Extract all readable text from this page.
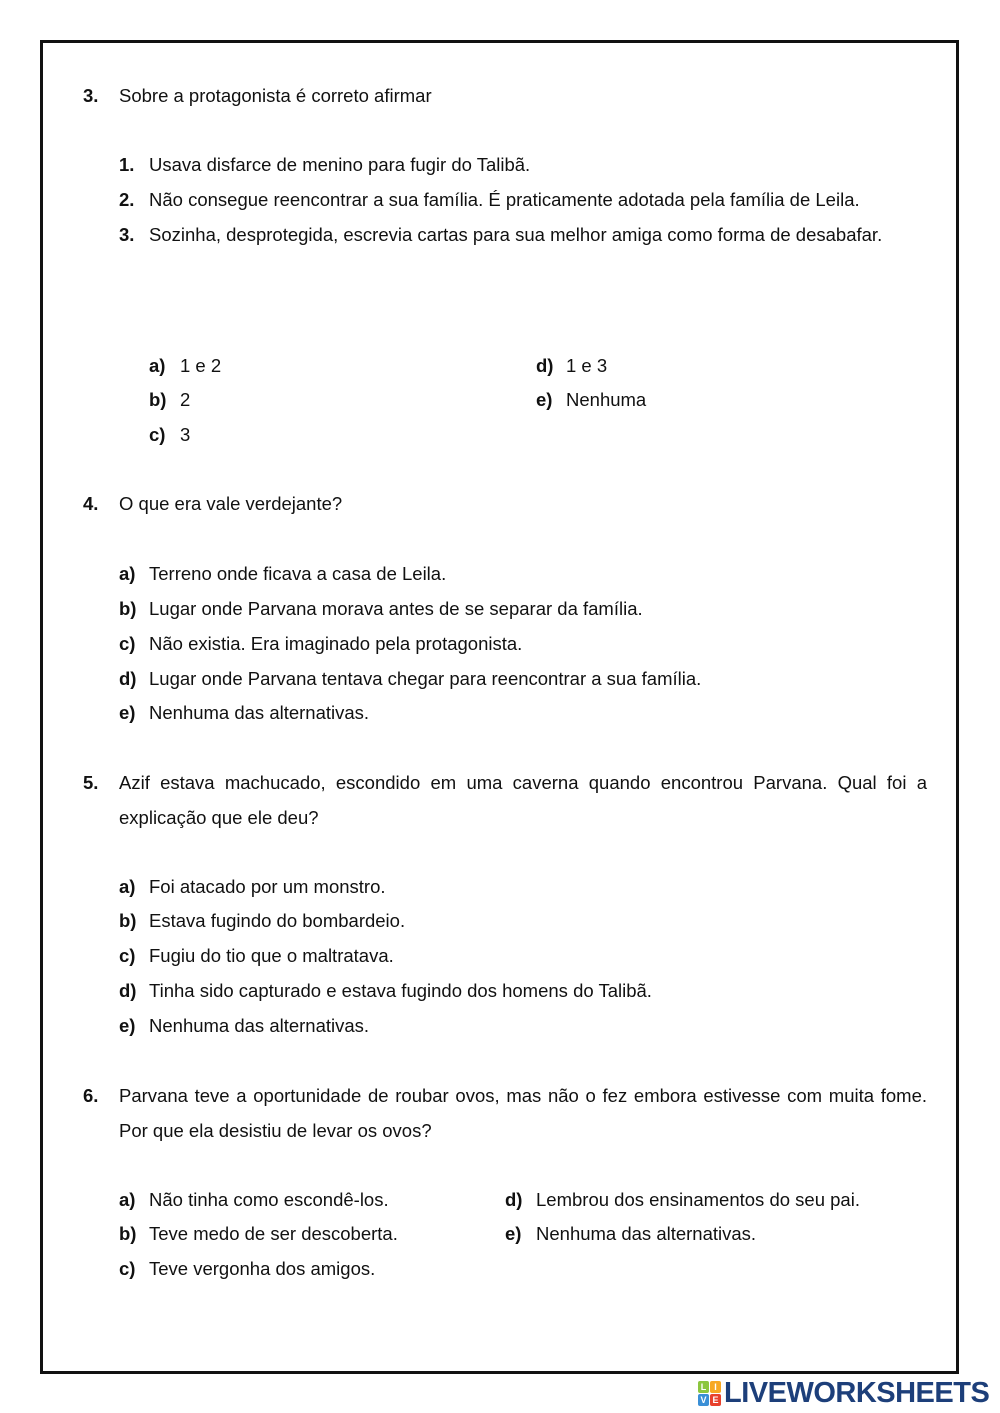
3. Sobre a protagonista é correto afirmar
1. Usava disfarce de menino para fugir do Talibã.
2. Não consegue reencontrar a sua família. É praticamente adotada pela família de Leila.
3. Sozinha, desprotegida, escrevia cartas para sua melhor amiga como forma de desabafar.
a) 1 e 2
b) 2
c) 3
d) 1 e 3
e) Nenhuma
4. O que era vale verdejante?
a) Terreno onde ficava a casa de Leila.
b) Lugar onde Parvana morava antes de se separar da família.
c) Não existia. Era imaginado pela protagonista.
d) Lugar onde Parvana tentava chegar para reencontrar a sua família.
e) Nenhuma das alternativas.
5. Azif estava machucado, escondido em uma caverna quando encontrou Parvana. Qual foi a explicação que ele deu?
a) Foi atacado por um monstro.
b) Estava fugindo do bombardeio.
c) Fugiu do tio que o maltratava.
d) Tinha sido capturado e estava fugindo dos homens do Talibã.
e) Nenhuma das alternativas.
6. Parvana teve a oportunidade de roubar ovos, mas não o fez embora estivesse com muita fome. Por que ela desistiu de levar os ovos?
a) Não tinha como escondê-los.
b) Teve medo de ser descoberta.
c) Teve vergonha dos amigos.
d) Lembrou dos ensinamentos do seu pai.
e) Nenhuma das alternativas.
L I
V E LIVEWORKSHEETS
